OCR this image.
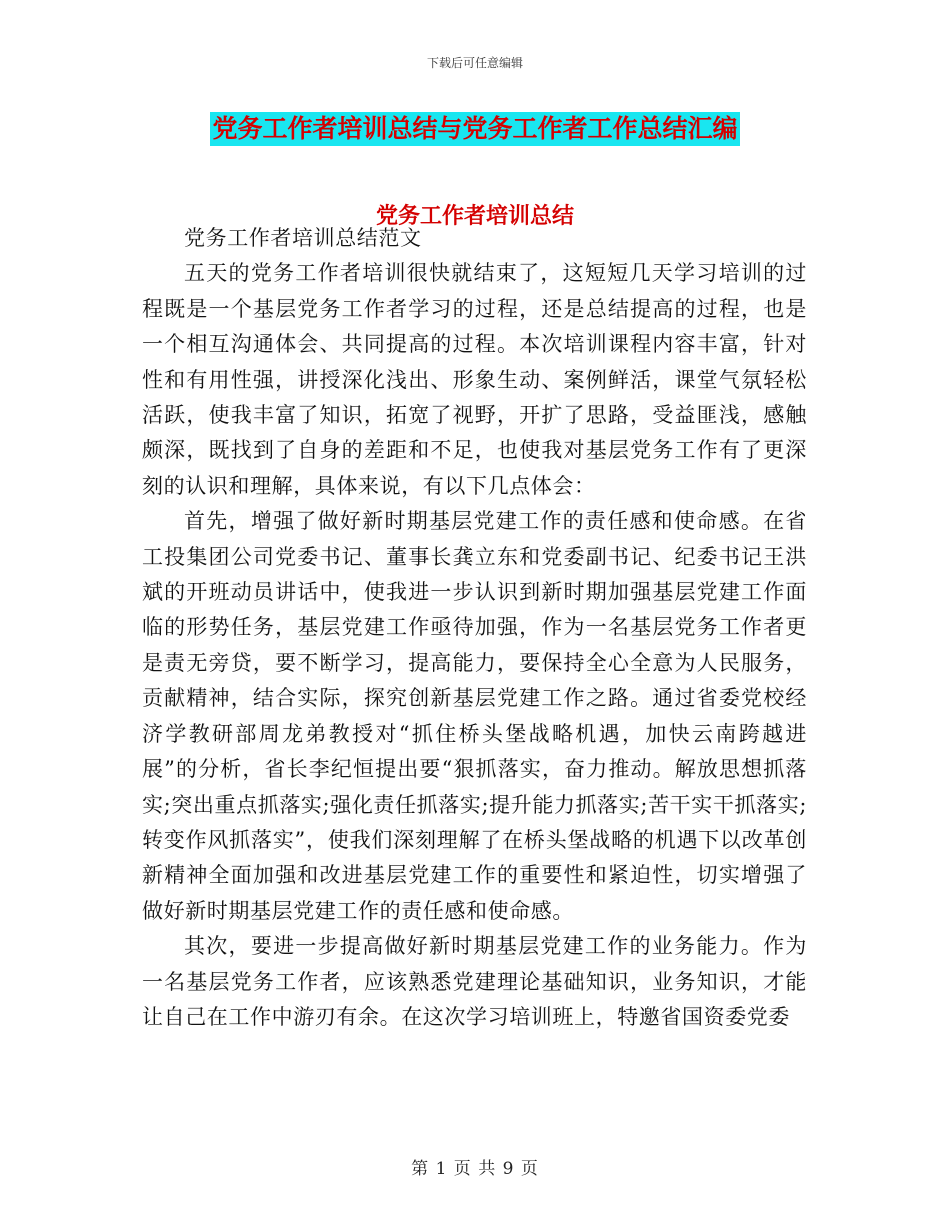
下载后可任意编辑
党务工作者培训总结与党务工作者工作总结汇编
党务工作者培训总结

党务工作者培训总结范文

五天的党务工作者培训很快就结束了，这短短几天学习培训的过程既是一个基层党务工作者学习的过程，还是总结提高的过程，也是一个相互沟通体会、共同提高的过程。本次培训课程内容丰富，针对性和有用性强，讲授深化浅出、形象生动、案例鲜活，课堂气氛轻松活跃，使我丰富了知识，拓宽了视野，开扩了思路，受益匪浅，感触颇深，既找到了自身的差距和不足，也使我对基层党务工作有了更深刻的认识和理解，具体来说，有以下几点体会：

首先，增强了做好新时期基层党建工作的责任感和使命感。在省工投集团公司党委书记、董事长龚立东和党委副书记、纪委书记王洪斌的开班动员讲话中，使我进一步认识到新时期加强基层党建工作面临的形势任务，基层党建工作亟待加强，作为一名基层党务工作者更是责无旁贷，要不断学习，提高能力，要保持全心全意为人民服务，贡献精神，结合实际，探究创新基层党建工作之路。通过省委党校经济学教研部周龙弟教授对“抓住桥头堡战略机遇，加快云南跨越进展”的分析，省长李纪恒提出要“狠抓落实，奋力推动。解放思想抓落实;突出重点抓落实;强化责任抓落实;提升能力抓落实;苦干实干抓落实;转变作风抓落实”，使我们深刻理解了在桥头堡战略的机遇下以改革创新精神全面加强和改进基层党建工作的重要性和紧迫性，切实增强了做好新时期基层党建工作的责任感和使命感。

其次，要进一步提高做好新时期基层党建工作的业务能力。作为一名基层党务工作者，应该熟悉党建理论基础知识，业务知识，才能让自己在工作中游刃有余。在这次学习培训班上，特邀省国资委党委

第 1 页 共 9 页
